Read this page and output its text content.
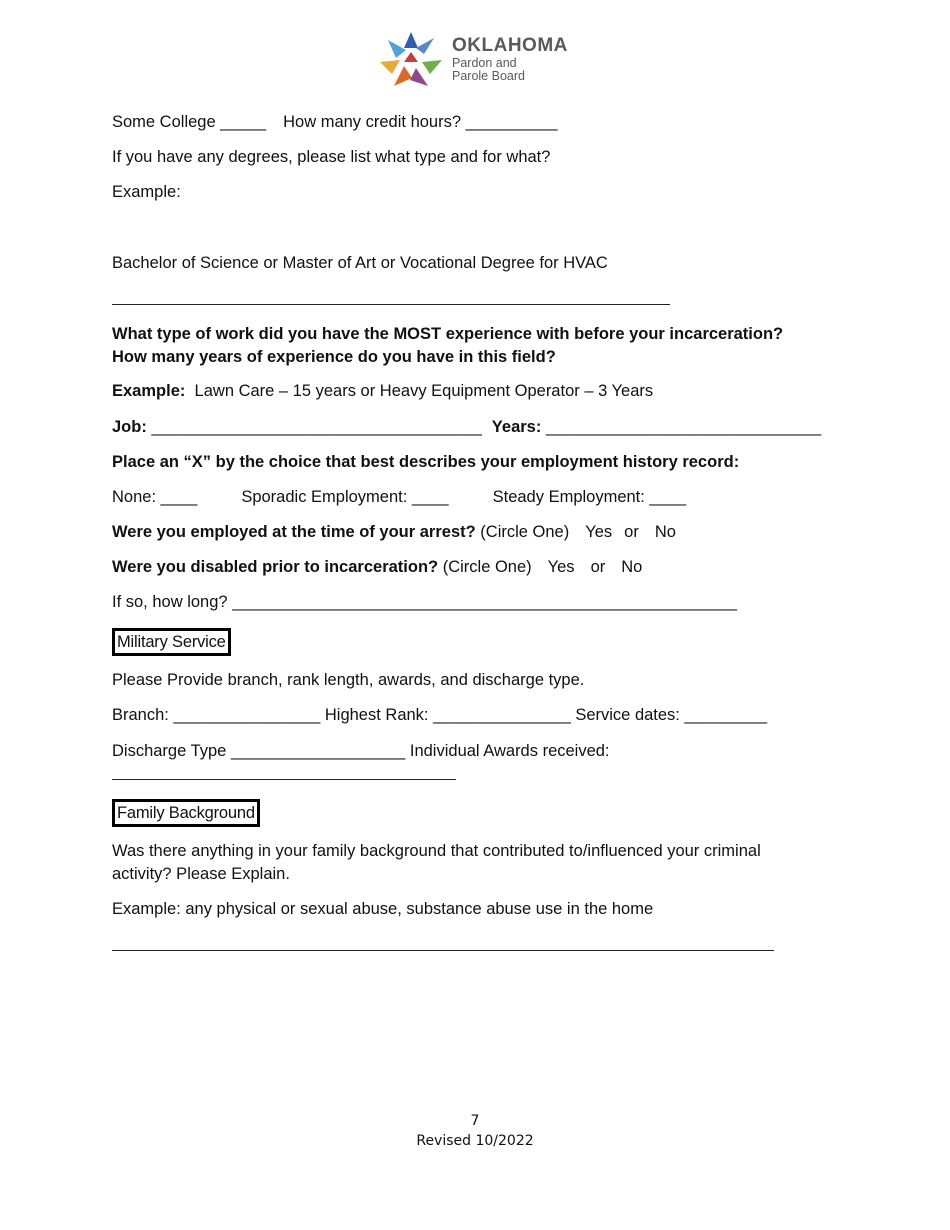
OKLAHOMA
Pardon and
Parole Board
Some College _____ How many credit hours? __________
If you have any degrees, please list what type and for what?
Example:
Bachelor of Science or Master of Art or Vocational Degree for HVAC
What type of work did you have the MOST experience with before your incarceration?
How many years of experience do you have in this field?
Example: Lawn Care – 15 years or Heavy Equipment Operator – 3 Years
Job: ____________________________________ Years: ______________________________
Place an “X” by the choice that best describes your employment history record:
None: ____	Sporadic Employment: ____	Steady Employment: ____
Were you employed at the time of your arrest? (Circle One) Yes or No
Were you disabled prior to incarceration? (Circle One) Yes or No
If so, how long? _______________________________________________________
Military Service
Please Provide branch, rank length, awards, and discharge type.
Branch: ________________ Highest Rank: _______________ Service dates: _________
Discharge Type ___________________ Individual Awards received:
Family Background
Was there anything in your family background that contributed to/influenced your criminal
activity? Please Explain.
Example: any physical or sexual abuse, substance abuse use in the home
7
Revised 10/2022
